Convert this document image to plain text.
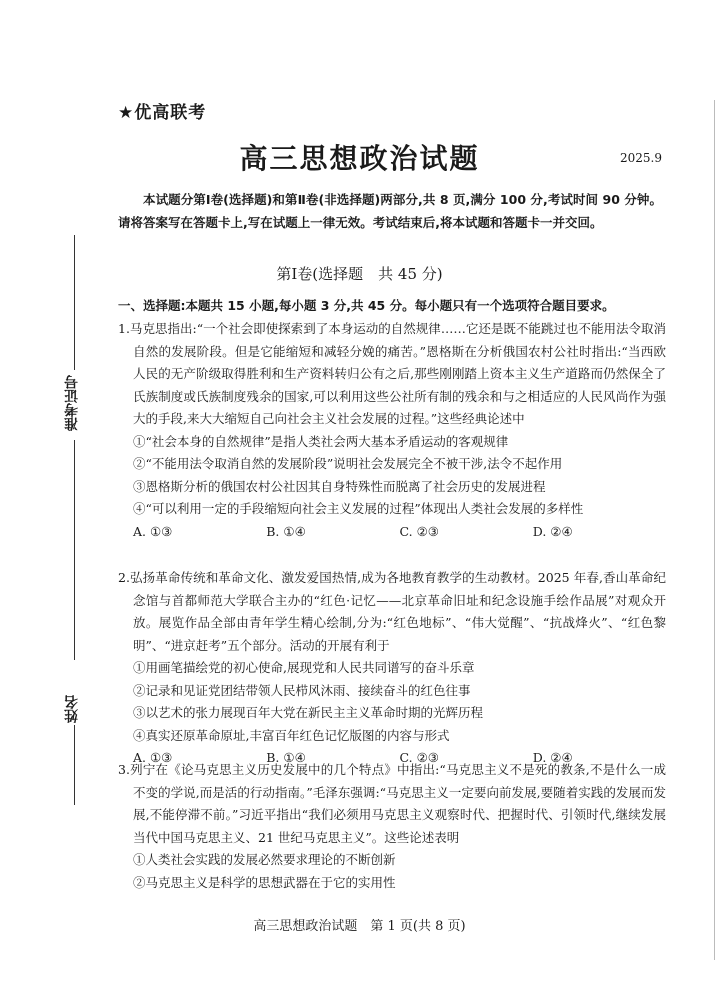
★优高联考
高三思想政治试题	2025.9
本试题分第Ⅰ卷(选择题)和第Ⅱ卷(非选择题)两部分,共 8 页,满分 100 分,考试时间 90 分钟。请将答案写在答题卡上,写在试题上一律无效。考试结束后,将本试题和答题卡一并交回。
第Ⅰ卷(选择题　共 45 分)
一、选择题:本题共 15 小题,每小题 3 分,共 45 分。每小题只有一个选项符合题目要求。
准考证号
姓名

1.马克思指出:“一个社会即使探索到了本身运动的自然规律……它还是既不能跳过也不能用法令取消自然的发展阶段。但是它能缩短和减轻分娩的痛苦。”恩格斯在分析俄国农村公社时指出:“当西欧人民的无产阶级取得胜利和生产资料转归公有之后,那些刚刚踏上资本主义生产道路而仍然保全了氏族制度或氏族制度残余的国家,可以利用这些公社所有制的残余和与之相适应的人民风尚作为强大的手段,来大大缩短自己向社会主义社会发展的过程。”这些经典论述中

①“社会本身的自然规律”是指人类社会两大基本矛盾运动的客观规律

②“不能用法令取消自然的发展阶段”说明社会发展完全不被干涉,法令不起作用

③恩格斯分析的俄国农村公社因其自身特殊性而脱离了社会历史的发展进程

④“可以利用一定的手段缩短向社会主义发展的过程”体现出人类社会发展的多样性

A. ①③	B. ①④	C. ②③	D. ②④

2.弘扬革命传统和革命文化、激发爱国热情,成为各地教育教学的生动教材。2025 年春,香山革命纪念馆与首都师范大学联合主办的“红色·记忆——北京革命旧址和纪念设施手绘作品展”对观众开放。展览作品全部由青年学生精心绘制,分为:“红色地标”、“伟大觉醒”、“抗战烽火”、“红色黎明”、“进京赶考”五个部分。活动的开展有利于

①用画笔描绘党的初心使命,展现党和人民共同谱写的奋斗乐章

②记录和见证党团结带领人民栉风沐雨、接续奋斗的红色往事

③以艺术的张力展现百年大党在新民主主义革命时期的光辉历程

④真实还原革命原址,丰富百年红色记忆版图的内容与形式

A. ①③	B. ①④	C. ②③	D. ②④

3.列宁在《论马克思主义历史发展中的几个特点》中指出:“马克思主义不是死的教条,不是什么一成不变的学说,而是活的行动指南。”毛泽东强调:“马克思主义一定要向前发展,要随着实践的发展而发展,不能停滞不前。”习近平指出“我们必须用马克思主义观察时代、把握时代、引领时代,继续发展当代中国马克思主义、21 世纪马克思主义”。这些论述表明

①人类社会实践的发展必然要求理论的不断创新

②马克思主义是科学的思想武器在于它的实用性

高三思想政治试题　第 1 页(共 8 页)
